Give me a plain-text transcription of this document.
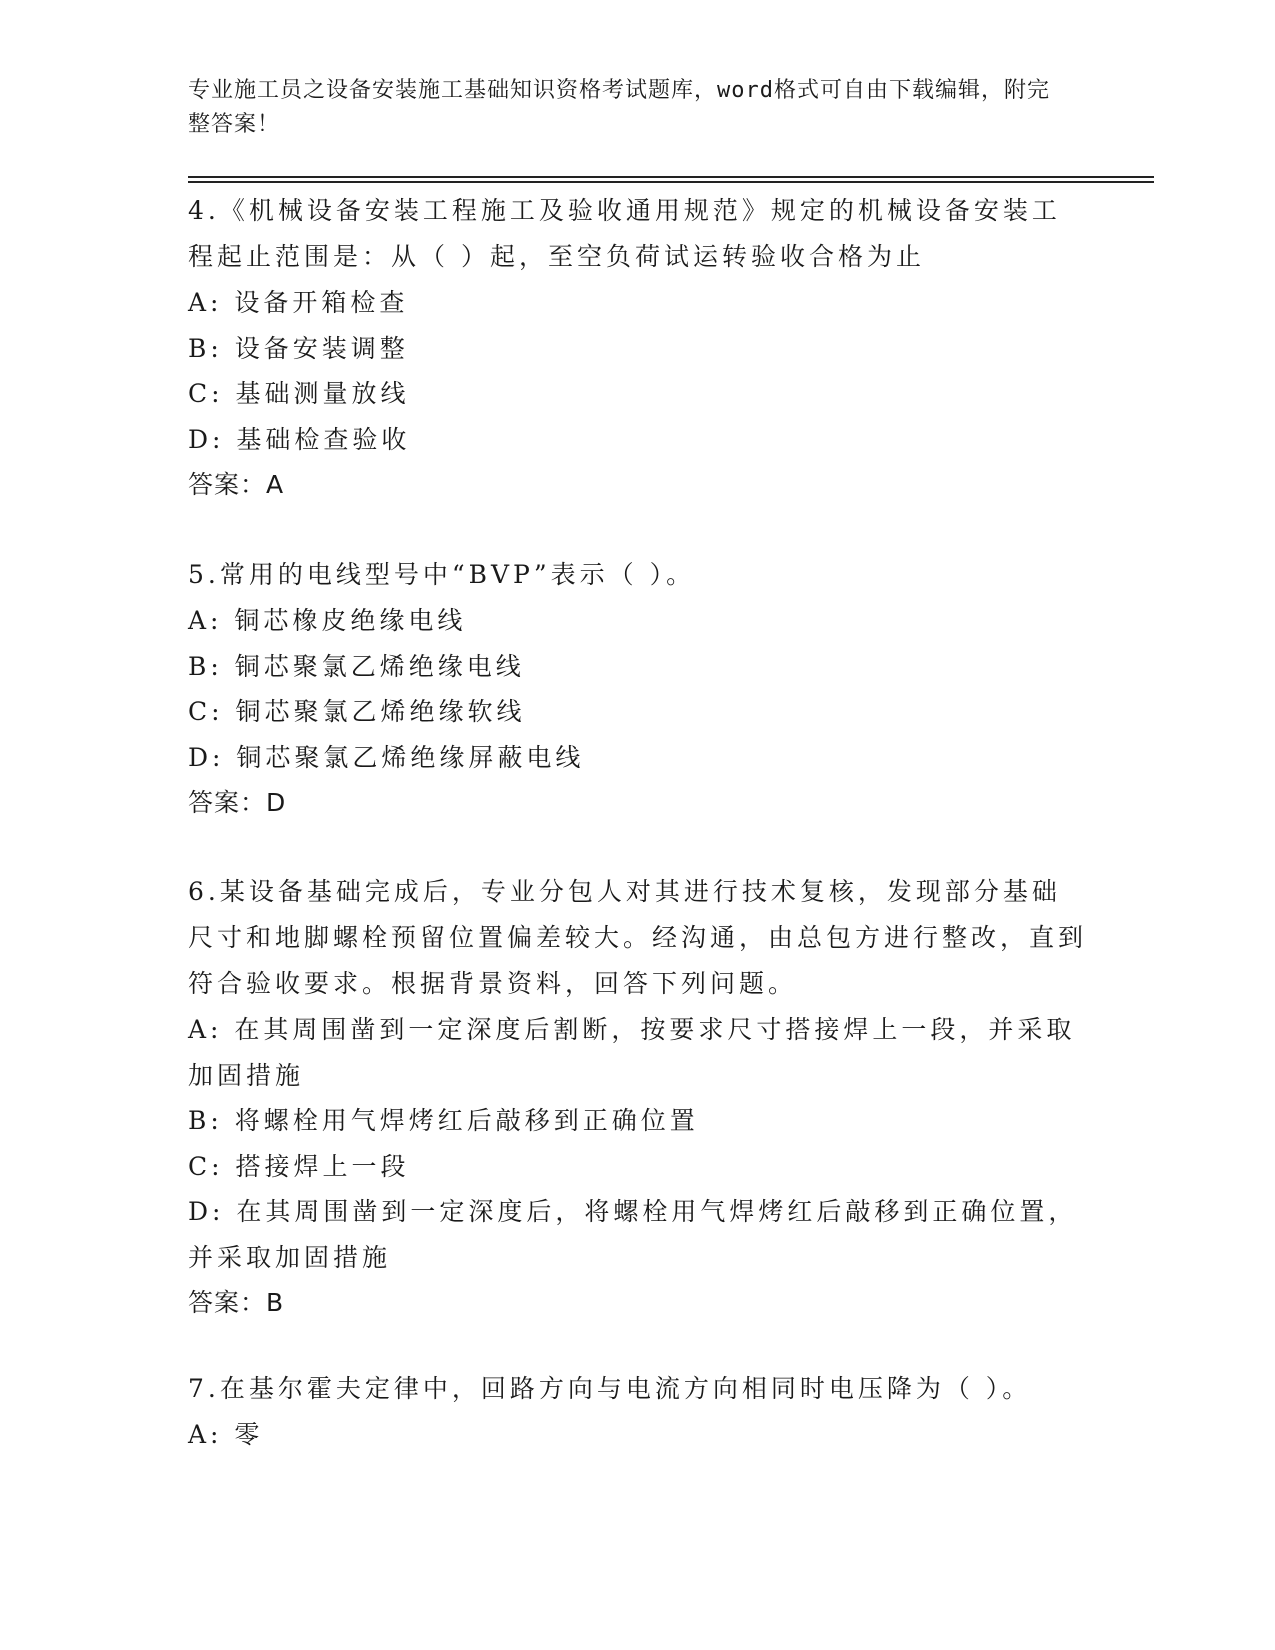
专业施工员之设备安装施工基础知识资格考试题库，word格式可自由下载编辑，附完整答案！
4.《机械设备安装工程施工及验收通用规范》规定的机械设备安装工程起止范围是：从（ ）起，至空负荷试运转验收合格为止
A: 设备开箱检查
B: 设备安装调整
C: 基础测量放线
D: 基础检查验收
答案：A
5.常用的电线型号中“BVP”表示（ ）。
A: 铜芯橡皮绝缘电线
B: 铜芯聚氯乙烯绝缘电线
C: 铜芯聚氯乙烯绝缘软线
D: 铜芯聚氯乙烯绝缘屏蔽电线
答案：D
6.某设备基础完成后，专业分包人对其进行技术复核，发现部分基础尺寸和地脚螺栓预留位置偏差较大。经沟通，由总包方进行整改，直到符合验收要求。根据背景资料，回答下列问题。
A: 在其周围凿到一定深度后割断，按要求尺寸搭接焊上一段，并采取加固措施
B: 将螺栓用气焊烤红后敲移到正确位置
C: 搭接焊上一段
D: 在其周围凿到一定深度后，将螺栓用气焊烤红后敲移到正确位置，并采取加固措施
答案：B
7.在基尔霍夫定律中，回路方向与电流方向相同时电压降为（ ）。
A: 零
